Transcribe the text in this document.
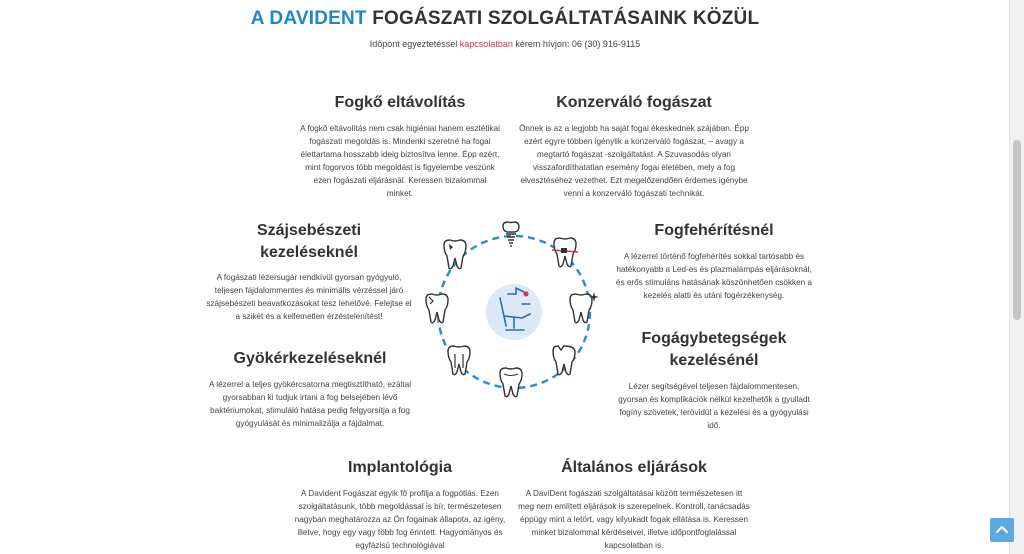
A DAVIDENT FOGÁSZATI SZOLGÁLTATÁSAINK KÖZÜL
Időpont egyeztetéssel kapcsolatban kérem hívjon: 06 (30) 916-9115
Fogkő eltávolítás

A fogkő eltávolítás nem csak higiéniai hanem esztétikai fogászati megoldás is. Mindenki szeretné ha fogai élettartama hosszabb ideig biztosítva lenne. Épp ezért, mint fogorvos több megoldást is figyelembe veszünk ezen fogászati eljárásnál. Keressen bizalommal minket.

Konzerváló fogászat

Önnek is az a legjobb ha saját fogai ékeskednek szájában. Épp ezért egyre többen igénylik a konzerváló fogászat, – avagy a megtartó fogászat -szolgáltatást. A Szuvasodás olyan visszafordíthatatlan esemény fogai életében, mely a fog elvesztéséhez vezethet. Ezt megelőzendően érdemes igénybe venni a konzerváló fogászati technikát.

Szájsebészeti
kezeléseknél

A fogászati lézersugár rendkívül gyorsan gyógyuló, teljesen fájdalommentes és minimális vérzéssel járó szájsebészeti beavatkozásokat tesz lehetővé. Felejtse el a szikét és a kellemetlen érzéstelenítést!

Fogfehérítésnél

A lézerrel történő fogfehérítés sokkal tartósabb és hatékonyabb a Led-es és plazmalámpás eljárásoknál, és erős stimuláns hatásának köszönhetően csökken a kezelés alatti és utáni fogérzékenység.

Gyökérkezeléseknél

A lézerrel a teljes gyökércsatorna megtisztítható, ezáltal gyorsabban ki tudjuk irtani a fog belsejében lévő baktériumokat, stimuláló hatása pedig felgyorsítja a fog gyógyulását és minimalizálja a fájdalmat.

Fogágybetegségek
kezelésénél

Lézer segítségével teljesen fájdalommentesen, gyorsan és komplikációk nélkül kezelhetők a gyulladt fogíny szövetek, lerövidül a kezelési és a gyógyulási idő.

Implantológia

A Davident Fogászat egyik fő profilja a fogpótlás. Ezen szolgáltatásunk, több megoldással is bír, természetesen nagyban meghatározza az Ön fogainak állapota, az igény, illetve, hogy egy vagy több fog érintett. Hagyományos és egyfázisú technológiával

Általános eljárások

A DaviDent fogászati szolgáltatásai között természetesen itt meg nem említett eljárások is szerepelnek. Kontroll, tanácsadás éppúgy mint a letört, vagy kilyukadt fogak ellátása is. Keressen minket bizalommal kérdéseivel, illetve időpontfoglalással kapcsolatban is.
